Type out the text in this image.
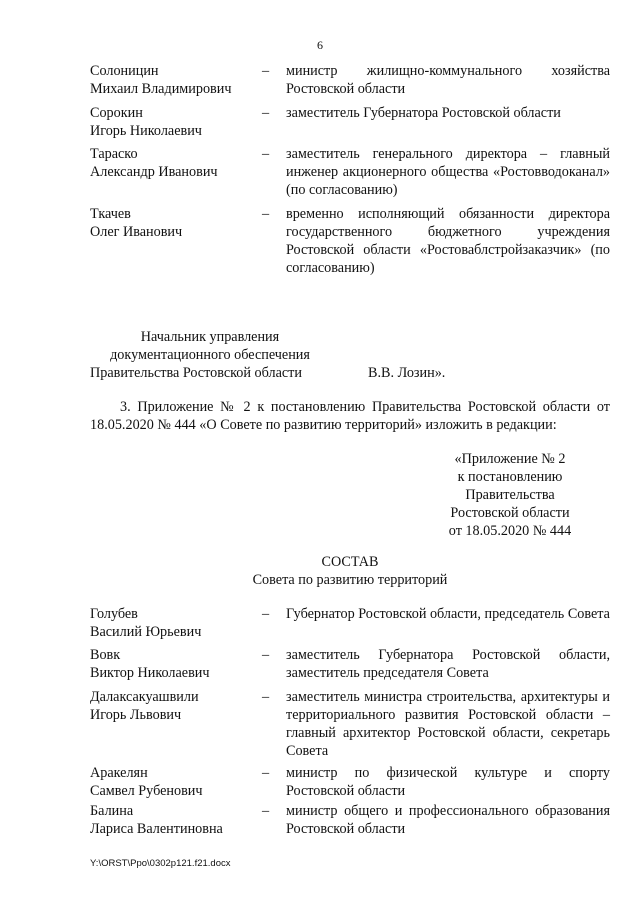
6
Солоницин
Михаил Владимирович
– министр жилищно-коммунального хозяйства Ростовской области
Сорокин
Игорь Николаевич
– заместитель Губернатора Ростовской области
Тараско
Александр Иванович
– заместитель генерального директора – главный инженер акционерного общества «Ростовводоканал» (по согласованию)
Ткачев
Олег Иванович
– временно исполняющий обязанности директора государственного бюджетного учреждения Ростовской области «Ростоваблстройзаказчик» (по согласованию)
Начальник управления
документационного обеспечения
Правительства Ростовской области	В.В. Лозин».
3. Приложение № 2 к постановлению Правительства Ростовской области от 18.05.2020 № 444 «О Совете по развитию территорий» изложить в редакции:
«Приложение № 2
к постановлению
Правительства
Ростовской области
от 18.05.2020 № 444
СОСТАВ
Совета по развитию территорий
Голубев
Василий Юрьевич
– Губернатор Ростовской области, председатель Совета
Вовк
Виктор Николаевич
– заместитель Губернатора Ростовской области, заместитель председателя Совета
Далаксакуашвили
Игорь Львович
– заместитель министра строительства, архитектуры и территориального развития Ростовской области – главный архитектор Ростовской области, секретарь Совета
Аракелян
Самвел Рубенович
– министр по физической культуре и спорту Ростовской области
Балина
Лариса Валентиновна
– министр общего и профессионального образования Ростовской области
Y:\ORST\Ppo\0302p121.f21.docx
